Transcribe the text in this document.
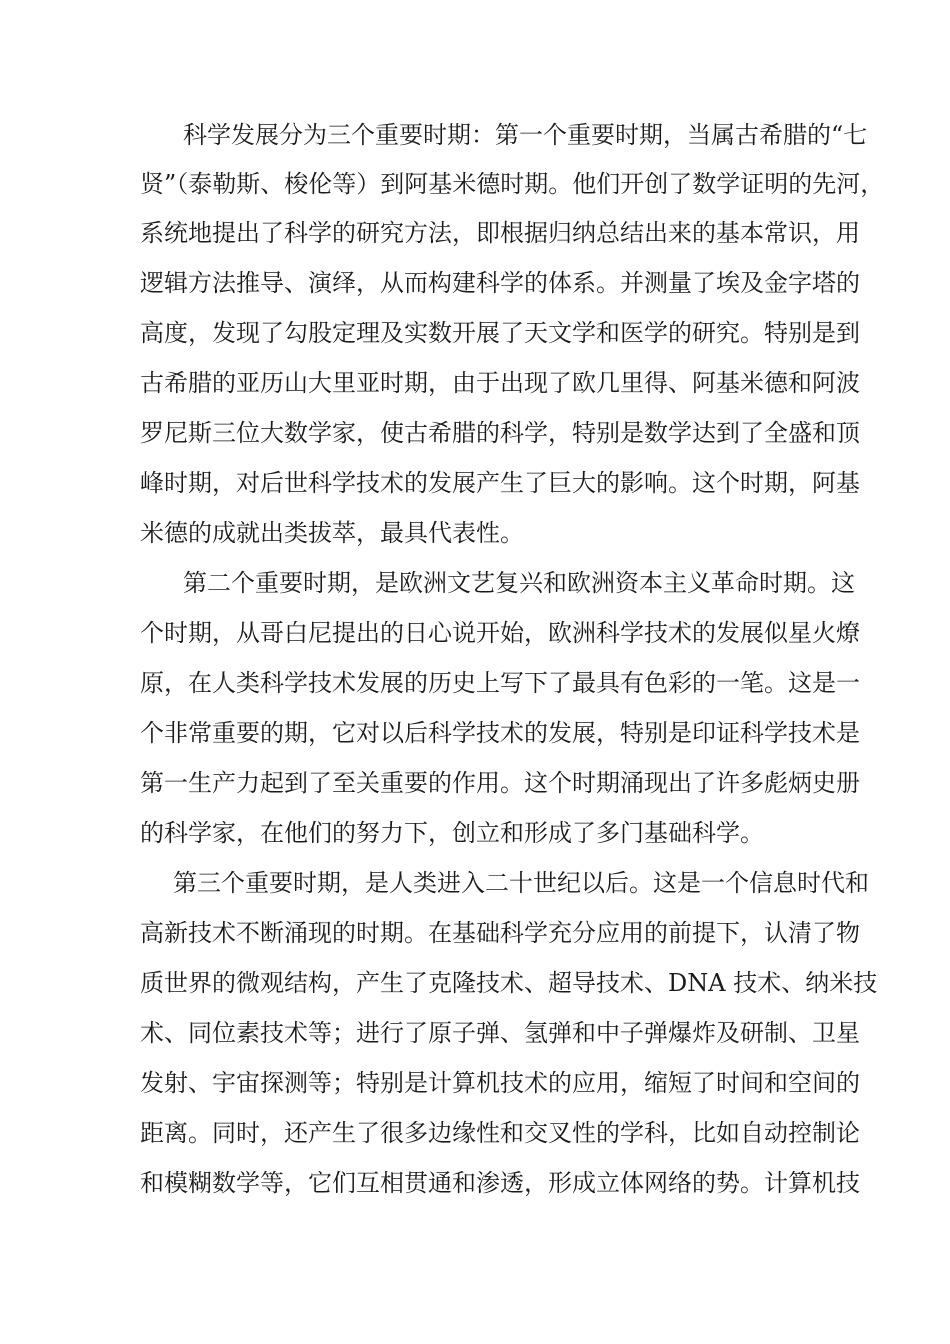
科学发展分为三个重要时期：第一个重要时期，当属古希腊的“七
贤”（泰勒斯、梭伦等）到阿基米德时期。他们开创了数学证明的先河，
系统地提出了科学的研究方法，即根据归纳总结出来的基本常识，用
逻辑方法推导、演绎，从而构建科学的体系。并测量了埃及金字塔的
高度，发现了勾股定理及实数开展了天文学和医学的研究。特别是到
古希腊的亚历山大里亚时期，由于出现了欧几里得、阿基米德和阿波
罗尼斯三位大数学家，使古希腊的科学，特别是数学达到了全盛和顶
峰时期，对后世科学技术的发展产生了巨大的影响。这个时期，阿基
米德的成就出类拔萃，最具代表性。
第二个重要时期，是欧洲文艺复兴和欧洲资本主义革命时期。这
个时期，从哥白尼提出的日心说开始，欧洲科学技术的发展似星火燎
原，在人类科学技术发展的历史上写下了最具有色彩的一笔。这是一
个非常重要的期，它对以后科学技术的发展，特别是印证科学技术是
第一生产力起到了至关重要的作用。这个时期涌现出了许多彪炳史册
的科学家，在他们的努力下，创立和形成了多门基础科学。
第三个重要时期，是人类进入二十世纪以后。这是一个信息时代和
高新技术不断涌现的时期。在基础科学充分应用的前提下，认清了物
质世界的微观结构，产生了克隆技术、超导技术、DNA 技术、纳米技
术、同位素技术等；进行了原子弹、氢弹和中子弹爆炸及研制、卫星
发射、宇宙探测等；特别是计算机技术的应用，缩短了时间和空间的
距离。同时，还产生了很多边缘性和交叉性的学科，比如自动控制论
和模糊数学等，它们互相贯通和渗透，形成立体网络的势。计算机技
